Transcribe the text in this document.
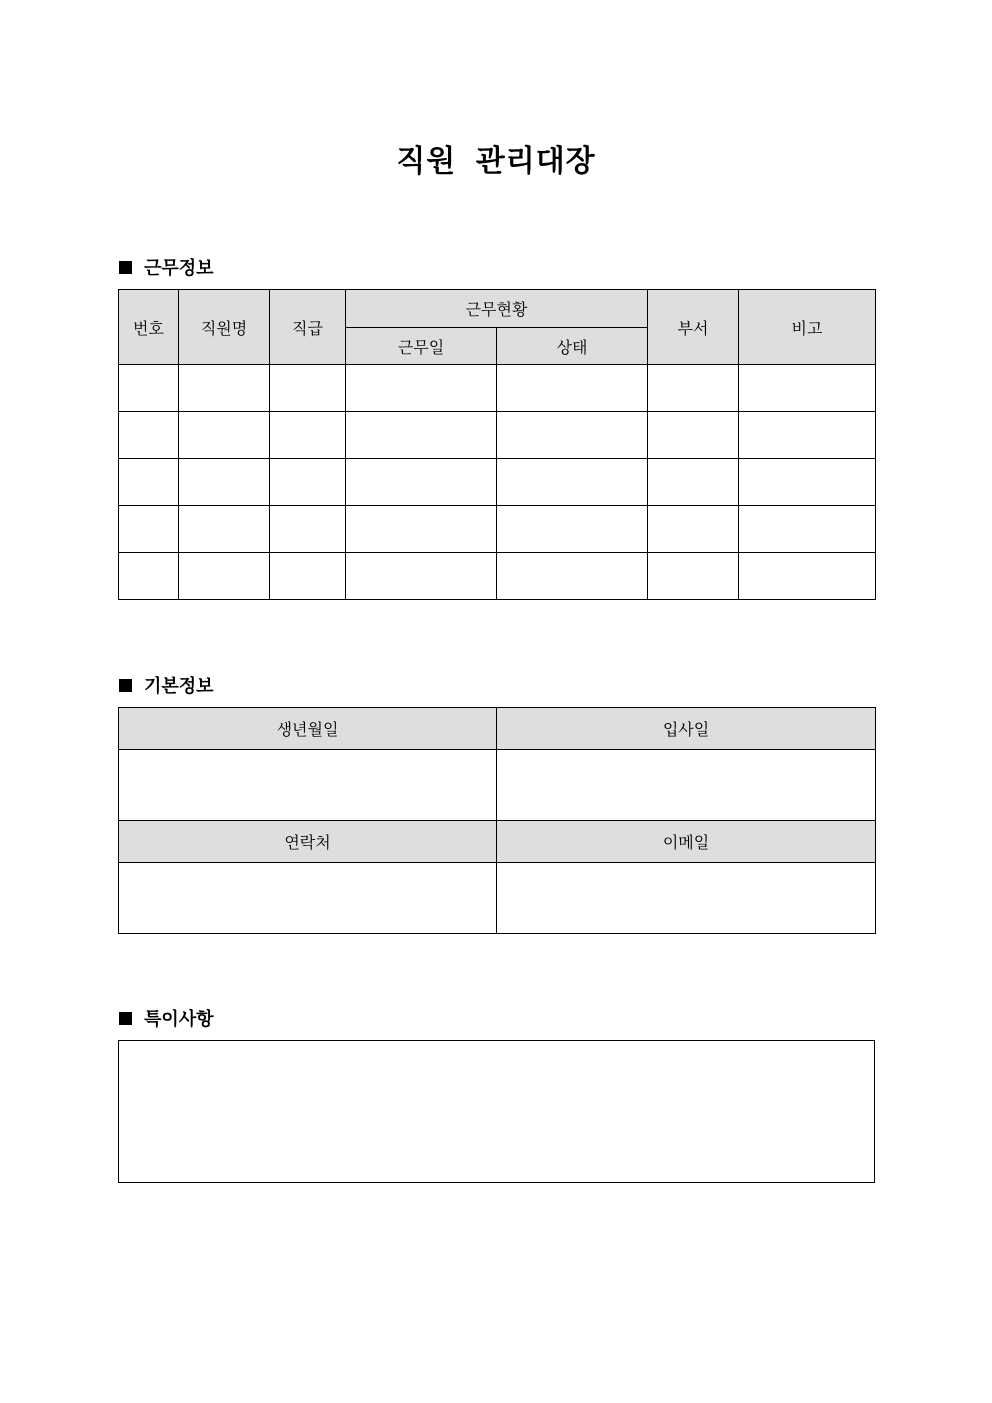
직원 관리대장
근무정보
번호	직원명	직급	근무현황		부서	비고
			근무일	상태		

기본정보
생년월일	입사일

연락처	이메일

특이사항
